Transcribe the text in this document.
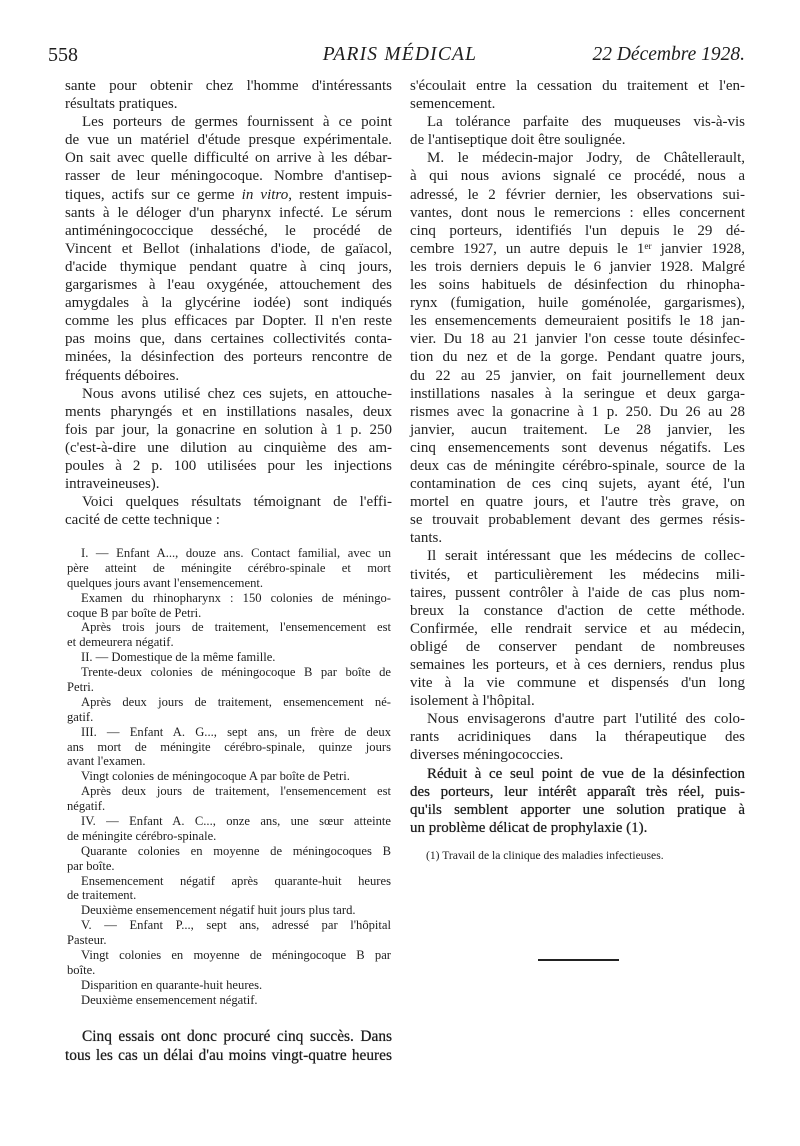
558	PARIS MÉDICAL	22 Décembre 1928.
sante pour obtenir chez l'homme d'intéressants
résultats pratiques.
Les porteurs de germes fournissent à ce point
de vue un matériel d'étude presque expérimentale.
On sait avec quelle difficulté on arrive à les débar-
rasser de leur méningocoque. Nombre d'antisep-
tiques, actifs sur ce germe in vitro, restent impuis-
sants à le déloger d'un pharynx infecté. Le sérum
antiméningococcique desséché, le procédé de
Vincent et Bellot (inhalations d'iode, de gaïacol,
d'acide thymique pendant quatre à cinq jours,
gargarismes à l'eau oxygénée, attouchement des
amygdales à la glycérine iodée) sont indiqués
comme les plus efficaces par Dopter. Il n'en reste
pas moins que, dans certaines collectivités conta-
minées, la désinfection des porteurs rencontre de
fréquents déboires.
Nous avons utilisé chez ces sujets, en attouche-
ments pharyngés et en instillations nasales, deux
fois par jour, la gonacrine en solution à 1 p. 250
(c'est-à-dire une dilution au cinquième des am-
poules à 2 p. 100 utilisées pour les injections
intraveineuses).
Voici quelques résultats témoignant de l'effi-
cacité de cette technique :
I. — Enfant A..., douze ans. Contact familial, avec un
père atteint de méningite cérébro-spinale et mort
quelques jours avant l'ensemencement.
Examen du rhinopharynx : 150 colonies de méningo-
coque B par boîte de Petri.
Après trois jours de traitement, l'ensemencement est
et demeurera négatif.
II. — Domestique de la même famille.
Trente-deux colonies de méningocoque B par boîte de
Petri.
Après deux jours de traitement, ensemencement né-
gatif.
III. — Enfant A. G..., sept ans, un frère de deux
ans mort de méningite cérébro-spinale, quinze jours
avant l'examen.
Vingt colonies de méningocoque A par boîte de Petri.
Après deux jours de traitement, l'ensemencement est
négatif.
IV. — Enfant A. C..., onze ans, une sœur atteinte
de méningite cérébro-spinale.
Quarante colonies en moyenne de méningocoques B
par boîte.
Ensemencement négatif après quarante-huit heures
de traitement.
Deuxième ensemencement négatif huit jours plus tard.
V. — Enfant P..., sept ans, adressé par l'hôpital
Pasteur.
Vingt colonies en moyenne de méningocoque B par
boîte.
Disparition en quarante-huit heures.
Deuxième ensemencement négatif.
Cinq essais ont donc procuré cinq succès. Dans
tous les cas un délai d'au moins vingt-quatre heures
s'écoulait entre la cessation du traitement et l'en-
semencement.
La tolérance parfaite des muqueuses vis-à-vis
de l'antiseptique doit être soulignée.
M. le médecin-major Jodry, de Châtellerault,
à qui nous avions signalé ce procédé, nous a
adressé, le 2 février dernier, les observations sui-
vantes, dont nous le remercions : elles concernent
cinq porteurs, identifiés l'un depuis le 29 dé-
cembre 1927, un autre depuis le 1er janvier 1928,
les trois derniers depuis le 6 janvier 1928. Malgré
les soins habituels de désinfection du rhinopha-
rynx (fumigation, huile goménolée, gargarismes),
les ensemencements demeuraient positifs le 18 jan-
vier. Du 18 au 21 janvier l'on cesse toute désinfec-
tion du nez et de la gorge. Pendant quatre jours,
du 22 au 25 janvier, on fait journellement deux
instillations nasales à la seringue et deux garga-
rismes avec la gonacrine à 1 p. 250. Du 26 au 28
janvier, aucun traitement. Le 28 janvier, les
cinq ensemencements sont devenus négatifs. Les
deux cas de méningite cérébro-spinale, source de la
contamination de ces cinq sujets, ayant été, l'un
mortel en quatre jours, et l'autre très grave, on
se trouvait probablement devant des germes résis-
tants.
Il serait intéressant que les médecins de collec-
tivités, et particulièrement les médecins mili-
taires, pussent contrôler à l'aide de cas plus nom-
breux la constance d'action de cette méthode.
Confirmée, elle rendrait service et au médecin,
obligé de conserver pendant de nombreuses
semaines les porteurs, et à ces derniers, rendus plus
vite à la vie commune et dispensés d'un long
isolement à l'hôpital.
Nous envisagerons d'autre part l'utilité des colo-
rants acridiniques dans la thérapeutique des
diverses méningococcies.
Réduit à ce seul point de vue de la désinfection
des porteurs, leur intérêt apparaît très réel, puis-
qu'ils semblent apporter une solution pratique à
un problème délicat de prophylaxie (1).
(1) Travail de la clinique des maladies infectieuses.
